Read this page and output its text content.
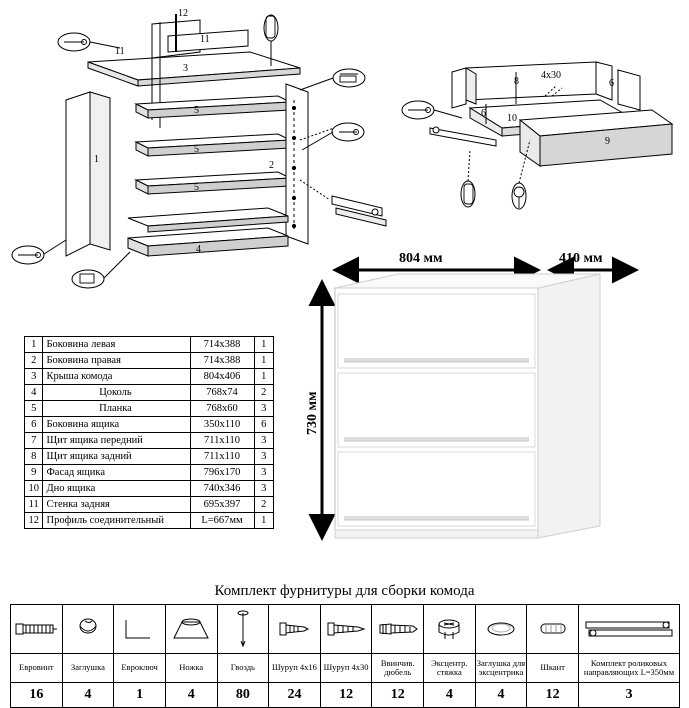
12
11
11
3
5
5
5
1
2
4
8
4х30
6
6 10
9
1	Боковина левая	714х388	1
2	Боковина правая	714х388	1
3	Крыша комода	804х406	1
4	Цоколь	768х74	2
5	Планка	768х60	3
6	Боковина ящика	350х110	6
7	Щит ящика передний	711х110	3
8	Щит ящика задний	711х110	3
9	Фасад ящика	796х170	3
10	Дно ящика	740х346	3
11	Стенка задняя	695х397	2
12	Профиль соединительный	L=667мм	1
804 мм	410 мм
730 мм
Комплект фурнитуры для сборки комода

Евровинт	Заглушка	Евроключ	Ножка	Гвоздь	Шуруп 4х16	Шуруп 4х30	Ввинчив. дюбель	Эксцентр. стяжка	Заглушка для эксцентрика	Шкант	Комплект роликовых направляющих L=350мм
16	4	1	4	80	24	12	12	4	4	12	3
